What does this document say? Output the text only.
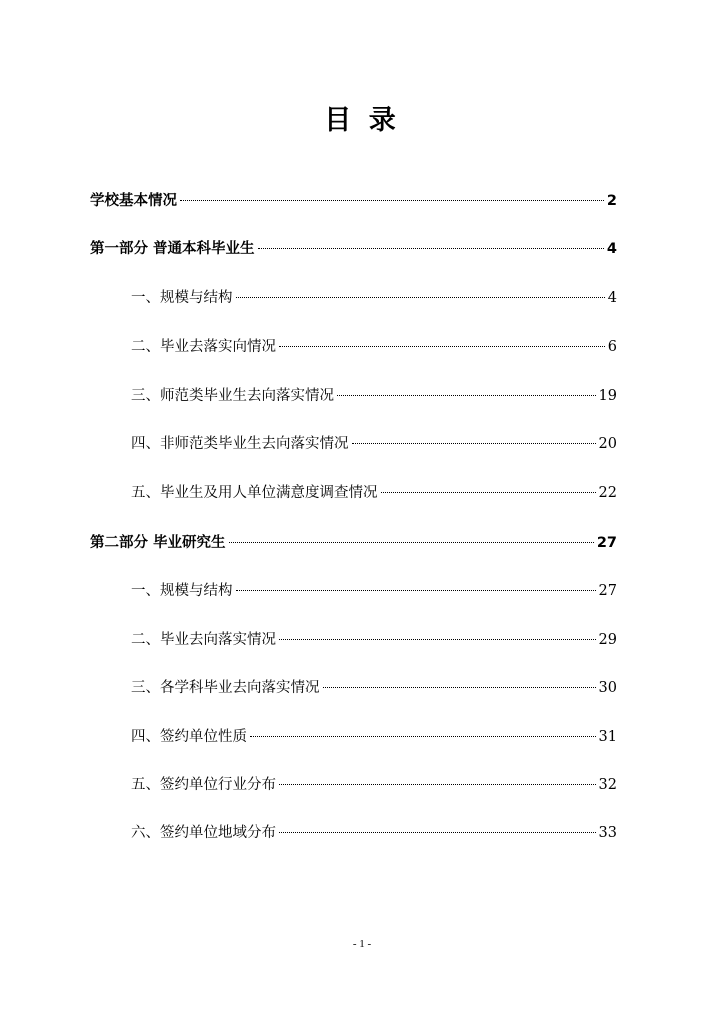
目 录
学校基本情况	2
第一部分 普通本科毕业生	4
一、规模与结构	4
二、毕业去落实向情况	6
三、师范类毕业生去向落实情况	19
四、非师范类毕业生去向落实情况	20
五、毕业生及用人单位满意度调查情况	22
第二部分 毕业研究生	27
一、规模与结构	27
二、毕业去向落实情况	29
三、各学科毕业去向落实情况	30
四、签约单位性质	31
五、签约单位行业分布	32
六、签约单位地域分布	33
- 1 -
